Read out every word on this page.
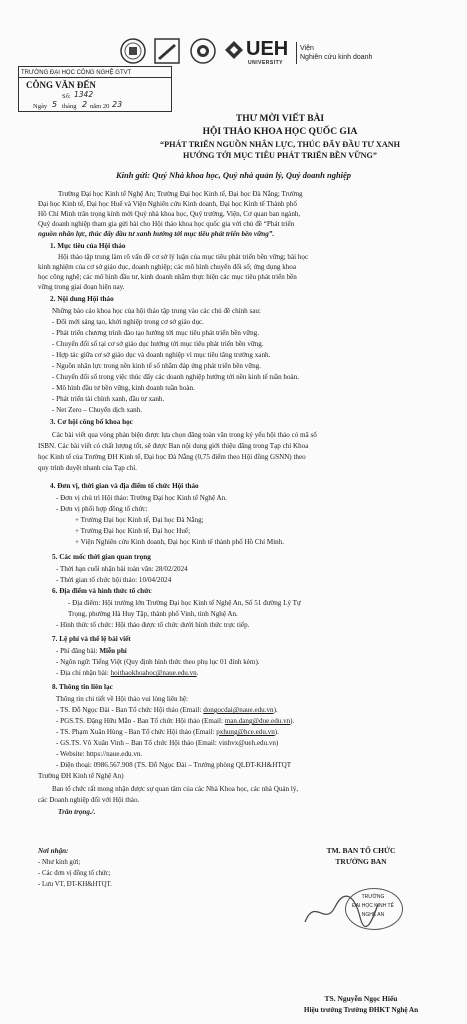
UEH
UNIVERSITY
Viện
Nghiên cứu kinh doanh
TRƯỜNG ĐẠI HỌC CÔNG NGHỆ GTVT
CÔNG VĂN ĐẾN
Số: 1342
Ngày 5 tháng 2 năm 20 23
THƯ MỜI VIẾT BÀI
HỘI THẢO KHOA HỌC QUỐC GIA
“PHÁT TRIỂN NGUỒN NHÂN LỰC, THÚC ĐẨY ĐẦU TƯ XANH
HƯỚNG TỚI MỤC TIÊU PHÁT TRIỂN BỀN VỮNG”
Kính gửi: Quý Nhà khoa học, Quý nhà quản lý, Quý doanh nghiệp
Trường Đại học Kinh tế Nghệ An; Trường Đại học Kinh tế, Đại học Đà Nẵng; Trường
Đại học Kinh tế, Đại học Huế và Viện Nghiên cứu Kinh doanh, Đại học Kinh tế Thành phố
Hồ Chí Minh trân trọng kính mời Quý nhà khoa học, Quý trường, Viện, Cơ quan ban ngành,
Quý doanh nghiệp tham gia gửi bài cho Hội thảo khoa học quốc gia với chủ đề “Phát triển
nguồn nhân lực, thúc đẩy đầu tư xanh hướng tới mục tiêu phát triển bền vững”.
1. Mục tiêu của Hội thảo
Hội thảo tập trung làm rõ vấn đề cơ sở lý luận của mục tiêu phát triển bền vững; bài học
kinh nghiệm của cơ sở giáo dục, doanh nghiệp; các mô hình chuyển đổi số; ứng dụng khoa
học công nghệ; các mô hình đầu tư, kinh doanh nhằm thực hiện các mục tiêu phát triển bền
vững trong giai đoạn hiện nay.
2. Nội dung Hội thảo
Những báo cáo khoa học của hội thảo tập trung vào các chủ đề chính sau:
- Đổi mới sáng tạo, khởi nghiệp trong cơ sở giáo dục.
- Phát triển chương trình đào tạo hướng tới mục tiêu phát triển bền vững.
- Chuyển đổi số tại cơ sở giáo dục hướng tới mục tiêu phát triển bền vững.
- Hợp tác giữa cơ sở giáo dục và doanh nghiệp vì mục tiêu tăng trưởng xanh.
- Nguồn nhân lực trong nền kinh tế số nhằm đáp ứng phát triển bền vững.
- Chuyển đổi số trong việc thúc đẩy các doanh nghiệp hướng tới nền kinh tế tuần hoàn.
- Mô hình đầu tư bền vững, kinh doanh tuần hoàn.
- Phát triển tài chính xanh, đầu tư xanh.
- Net Zero – Chuyển dịch xanh.
3. Cơ hội công bố khoa học
Các bài viết qua vòng phản biện được lựa chọn đăng toàn văn trong kỷ yếu hội thảo có mã số
ISBN. Các bài viết có chất lượng tốt, sẽ được Ban nội dung giới thiệu đăng trong Tạp chí Khoa
học Kinh tế của Trường ĐH Kinh tế, Đại học Đà Nẵng (0,75 điểm theo Hội đồng GSNN) theo
quy trình duyệt nhanh của Tạp chí.
4. Đơn vị, thời gian và địa điểm tổ chức Hội thảo
- Đơn vị chủ trì Hội thảo: Trường Đại học Kinh tế Nghệ An.
- Đơn vị phối hợp đồng tổ chức:
+ Trường Đại học Kinh tế, Đại học Đà Nẵng;
+ Trường Đại học Kinh tế, Đại học Huế;
+ Viện Nghiên cứu Kinh doanh, Đại học Kinh tế thành phố Hồ Chí Minh.
5. Các mốc thời gian quan trọng
- Thời hạn cuối nhận bài toàn văn: 28/02/2024
- Thời gian tổ chức hội thảo: 10/04/2024
6. Địa điểm và hình thức tổ chức
- Địa điểm: Hội trường lớn Trường Đại học Kinh tế Nghệ An, Số 51 đường Lý Tự
Trọng, phường Hà Huy Tập, thành phố Vinh, tỉnh Nghệ An.
- Hình thức tổ chức: Hội thảo được tổ chức dưới hình thức trực tiếp.
7. Lệ phí và thể lệ bài viết
- Phí đăng bài: Miễn phí
- Ngôn ngữ: Tiếng Việt (Quy định hình thức theo phụ lục 01 đính kèm).
- Địa chỉ nhận bài: hoithaokhoahoc@naue.edu.vn.
8. Thông tin liên lạc
Thông tin chi tiết về Hội thảo vui lòng liên hệ:
- TS. Đỗ Ngọc Đài - Ban Tổ chức Hội thảo (Email: dongocdai@naue.edu.vn).
- PGS.TS. Đặng Hữu Mẫn - Ban Tổ chức Hội thảo (Email: man.dang@due.edu.vn).
- TS. Phạm Xuân Hùng - Ban Tổ chức Hội thảo (Email: pxhung@hce.edu.vn).
- GS.TS. Võ Xuân Vinh – Ban Tổ chức Hội thảo (Email: vinhvx@ueh.edu.vn)
- Website: https://naue.edu.vn.
- Điện thoại: 0986.567.908 (TS. Đỗ Ngọc Đài – Trưởng phòng QLĐT-KH&HTQT
Trường ĐH Kinh tế Nghệ An)
Ban tổ chức rất mong nhận được sự quan tâm của các Nhà Khoa học, các nhà Quản lý,
các Doanh nghiệp đối với Hội thảo.
Trân trọng./.
Nơi nhận:
- Như kính gửi;
- Các đơn vị đồng tổ chức;
- Lưu VT, ĐT-KH&HTQT.
TM. BAN TỔ CHỨC
TRƯỞNG BAN
TRƯỜNG
ĐẠI HỌC KINH TẾ
NGHỆ AN
TS. Nguyễn Ngọc Hiếu
Hiệu trưởng Trường ĐHKT Nghệ An
